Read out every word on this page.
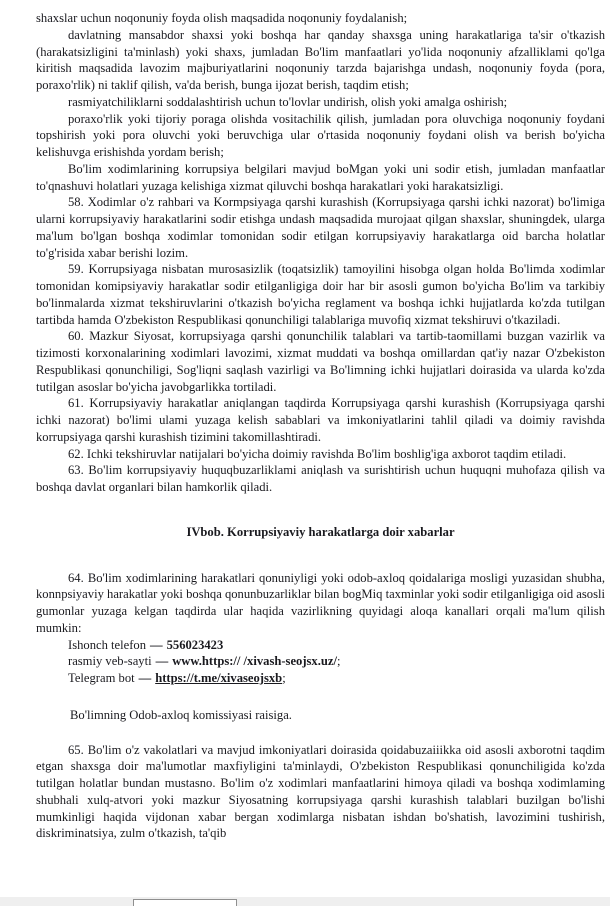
shaxslar uchun noqonuniy foyda olish maqsadida noqonuniy foydalanish;

davlatning mansabdor shaxsi yoki boshqa har qanday shaxsga uning harakatlariga ta'sir o'tkazish (harakatsizligini ta'minlash) yoki shaxs, jumladan Bo'lim manfaatlari yo'lida noqonuniy afzalliklami qo'lga kiritish maqsadida lavozim majburiyatlarini noqonuniy tarzda bajarishga undash, noqonuniy foyda (pora, poraxo'rlik) ni taklif qilish, va'da berish, bunga ijozat berish, taqdim etish;

rasmiyatchiliklarni soddalashtirish uchun to'lovlar undirish, olish yoki amalga oshirish;

poraxo'rlik yoki tijoriy poraga olishda vositachilik qilish, jumladan pora oluvchiga noqonuniy foydani topshirish yoki pora oluvchi yoki beruvchiga ular o'rtasida noqonuniy foydani olish va berish bo'yicha kelishuvga erishishda yordam berish;

Bo'lim xodimlarining korrupsiya belgilari mavjud boMgan yoki uni sodir etish, jumladan manfaatlar to'qnashuvi holatlari yuzaga kelishiga xizmat qiluvchi boshqa harakatlari yoki harakatsizligi.

58. Xodimlar o'z rahbari va Kormpsiyaga qarshi kurashish (Korrupsiyaga qarshi ichki nazorat) bo'limiga ularni korrupsiyaviy harakatlarini sodir etishga undash maqsadida murojaat qilgan shaxslar, shuningdek, ularga ma'lum bo'lgan boshqa xodimlar tomonidan sodir etilgan korrupsiyaviy harakatlarga oid barcha holatlar to'g'risida xabar berishi lozim.

59. Korrupsiyaga nisbatan murosasizlik (toqatsizlik) tamoyilini hisobga olgan holda Bo'limda xodimlar tomonidan komipsiyaviy harakatlar sodir etilganligiga doir har bir asosli gumon bo'yicha Bo'lim va tarkibiy bo'linmalarda xizmat tekshiruvlarini o'tkazish bo'yicha reglament va boshqa ichki hujjatlarda ko'zda tutilgan tartibda hamda O'zbekiston Respublikasi qonunchiligi talablariga muvofiq xizmat tekshiruvi o'tkaziladi.

60. Mazkur Siyosat, korrupsiyaga qarshi qonunchilik talablari va tartib-taomillami buzgan vazirlik va tizimosti korxonalarining xodimlari lavozimi, xizmat muddati va boshqa omillardan qat'iy nazar O'zbekiston Respublikasi qonunchiligi, Sog'liqni saqlash vazirligi va Bo'limning ichki hujjatlari doirasida va ularda ko'zda tutilgan asoslar bo'yicha javobgarlikka tortiladi.

61. Korrupsiyaviy harakatlar aniqlangan taqdirda Korrupsiyaga qarshi kurashish (Korrupsiyaga qarshi ichki nazorat) bo'limi ulami yuzaga kelish sabablari va imkoniyatlarini tahlil qiladi va doimiy ravishda korrupsiyaga qarshi kurashish tizimini takomillashtiradi.

62. Ichki tekshiruvlar natijalari bo'yicha doimiy ravishda Bo'lim boshlig'iga axborot taqdim etiladi.

63. Bo'lim korrupsiyaviy huquqbuzarliklami aniqlash va surishtirish uchun huquqni muhofaza qilish va boshqa davlat organlari bilan hamkorlik qiladi.

IVbob. Korrupsiyaviy harakatlarga doir xabarlar

64. Bo'lim xodimlarining harakatlari qonuniyligi yoki odob-axloq qoidalariga mosligi yuzasidan shubha, konnpsiyaviy harakatlar yoki boshqa qonunbuzarliklar bilan bogMiq taxminlar yoki sodir etilganligiga oid asosli gumonlar yuzaga kelgan taqdirda ular haqida vazirlikning quyidagi aloqa kanallari orqali ma'lum qilish mumkin:

Ishonch telefon — 556023423

rasmiy veb-sayti — www.https:// /xivash-seojsx.uz/;

Telegram bot — https://t.me/xivaseojsxb;

Bo'limning Odob-axloq komissiyasi raisiga.

65. Bo'lim o'z vakolatlari va mavjud imkoniyatlari doirasida qoidabuzaiiikka oid asosli axborotni taqdim etgan shaxsga doir ma'lumotlar maxfiyligini ta'minlaydi, O'zbekiston Respublikasi qonunchiligida ko'zda tutilgan holatlar bundan mustasno. Bo'lim o'z xodimlari manfaatlarini himoya qiladi va boshqa xodimlaming shubhali xulq-atvori yoki mazkur Siyosatning korrupsiyaga qarshi kurashish talablari buzilgan bo'lishi mumkinligi haqida vijdonan xabar bergan xodimlarga nisbatan ishdan bo'shatish, lavozimini tushirish, diskriminatsiya, zulm o'tkazish, ta'qib
